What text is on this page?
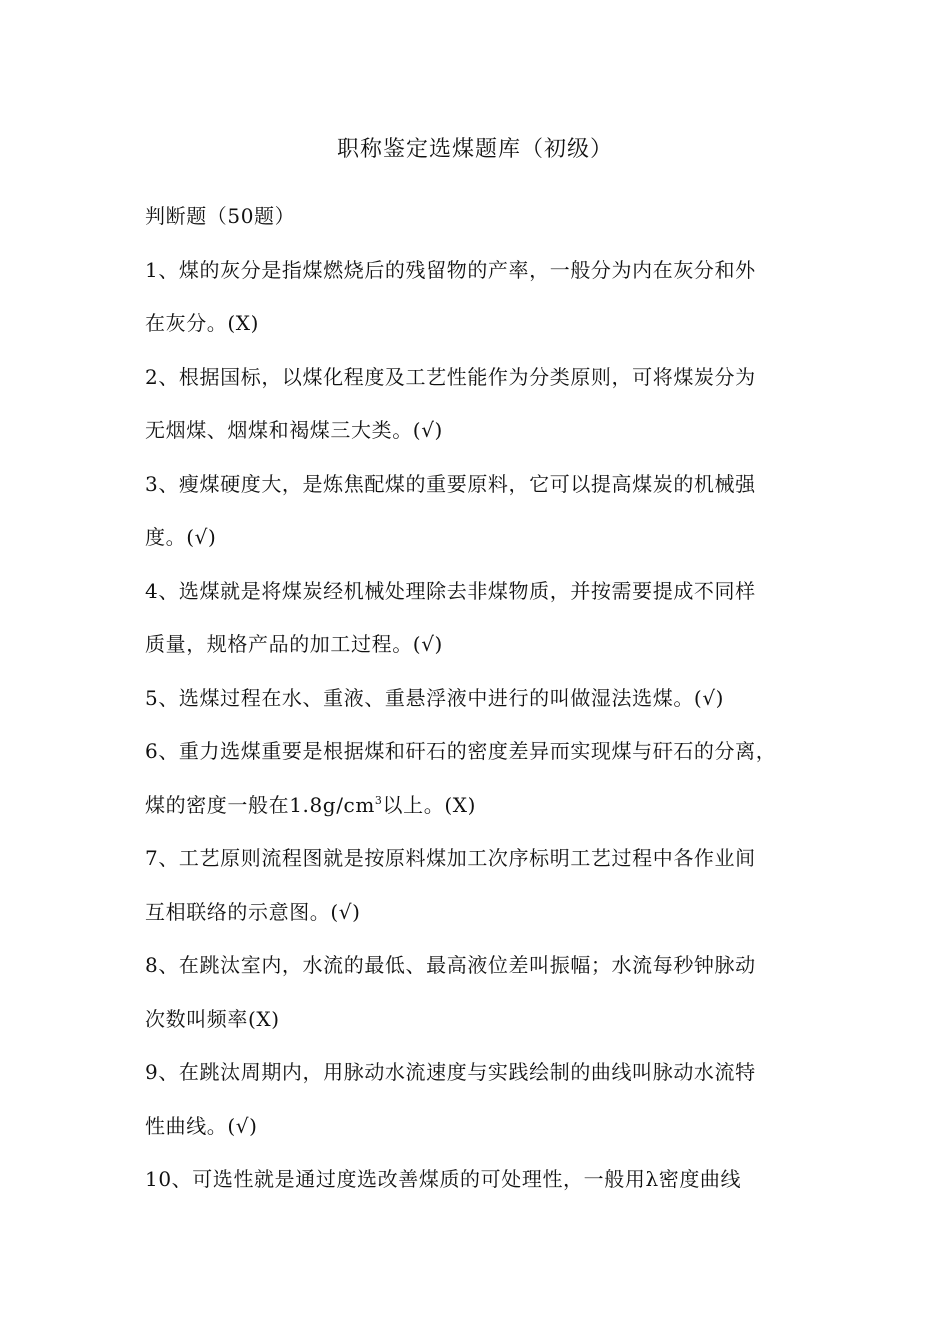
职称鉴定选煤题库（初级）
判断题（50题）
1、煤的灰分是指煤燃烧后的残留物的产率，一般分为内在灰分和外
在灰分。(X)
2、根据国标，以煤化程度及工艺性能作为分类原则，可将煤炭分为
无烟煤、烟煤和褐煤三大类。(√)
3、瘦煤硬度大，是炼焦配煤的重要原料，它可以提高煤炭的机械强
度。(√)
4、选煤就是将煤炭经机械处理除去非煤物质，并按需要提成不同样
质量，规格产品的加工过程。(√)
5、选煤过程在水、重液、重悬浮液中进行的叫做湿法选煤。(√)
6、重力选煤重要是根据煤和矸石的密度差异而实现煤与矸石的分离，
煤的密度一般在$1.8g/cm^3$以上。(X)
7、工艺原则流程图就是按原料煤加工次序标明工艺过程中各作业间
互相联络的示意图。(√)
8、在跳汰室内，水流的最低、最高液位差叫振幅；水流每秒钟脉动
次数叫频率(X)
9、在跳汰周期内，用脉动水流速度与实践绘制的曲线叫脉动水流特
性曲线。(√)
10、可选性就是通过度选改善煤质的可处理性，一般用λ密度曲线
